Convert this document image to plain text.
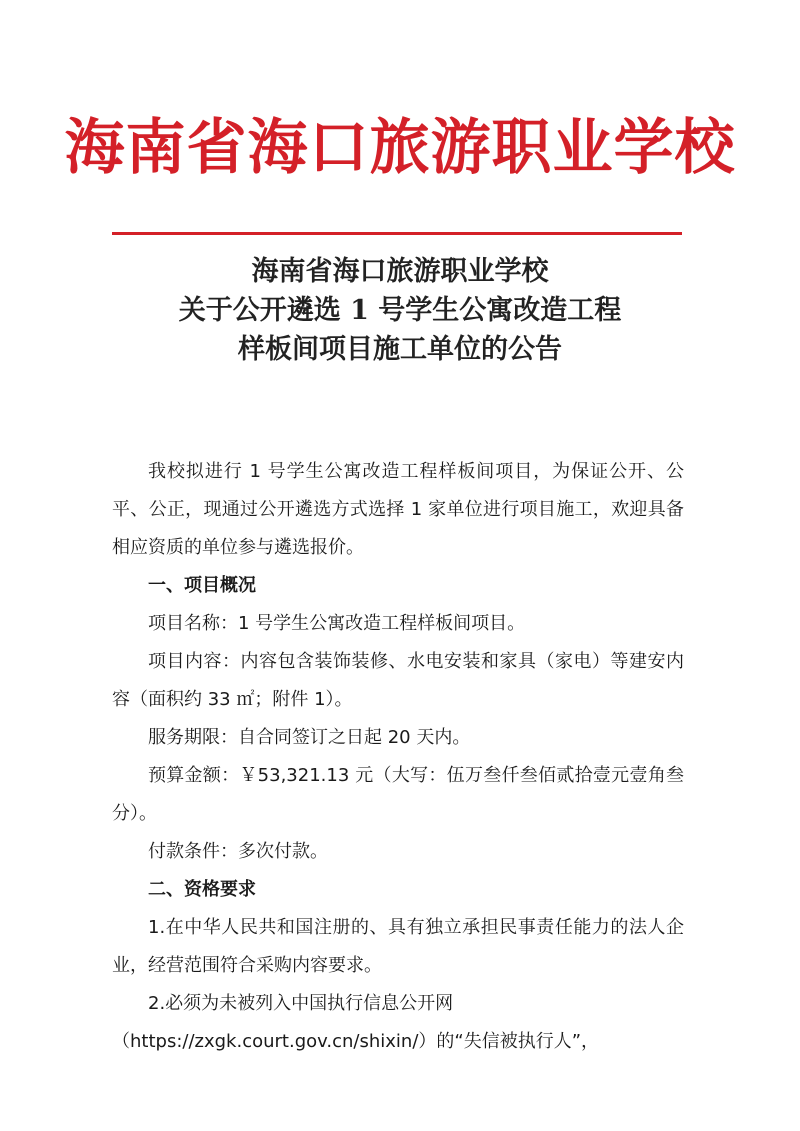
海南省海口旅游职业学校
海南省海口旅游职业学校
关于公开遴选 1 号学生公寓改造工程
样板间项目施工单位的公告

我校拟进行 1 号学生公寓改造工程样板间项目，为保证公开、公平、公正，现通过公开遴选方式选择 1 家单位进行项目施工，欢迎具备相应资质的单位参与遴选报价。

一、项目概况

项目名称：1 号学生公寓改造工程样板间项目。

项目内容：内容包含装饰装修、水电安装和家具（家电）等建安内容（面积约 33 ㎡；附件 1）。

服务期限：自合同签订之日起 20 天内。

预算金额：￥53,321.13 元（大写：伍万叁仟叁佰贰拾壹元壹角叁分）。

付款条件：多次付款。

二、资格要求

1.在中华人民共和国注册的、具有独立承担民事责任能力的法人企业，经营范围符合采购内容要求。

2.必须为未被列入中国执行信息公开网

（https://zxgk.court.gov.cn/shixin/）的“失信被执行人”，
